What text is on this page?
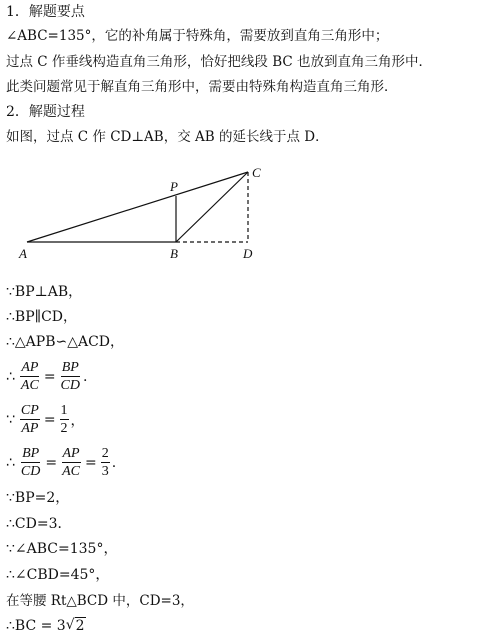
1．解题要点
∠ABC=135°，它的补角属于特殊角，需要放到直角三角形中；
过点 C 作垂线构造直角三角形，恰好把线段 BC 也放到直角三角形中．
此类问题常见于解直角三角形中，需要由特殊角构造直角三角形．
2．解题过程
如图，过点 C 作 CD⊥AB，交 AB 的延长线于点 D．
A	B	D
P
C
∵BP⊥AB，
∴BP∥CD，
∴△APB∽△ACD，
∴ $\frac{AP}{AC} = \frac{BP}{CD}$ .
∵ $\frac{CP}{AP} = \frac{1}{2}$ ，
∴ $\frac{BP}{CD} = \frac{AP}{AC} = \frac{2}{3}$ .
∵BP=2，
∴CD=3．
∵∠ABC=135°，
∴∠CBD=45°，
在等腰 Rt△BCD 中，CD=3，
∴BC = 3 √ 2
